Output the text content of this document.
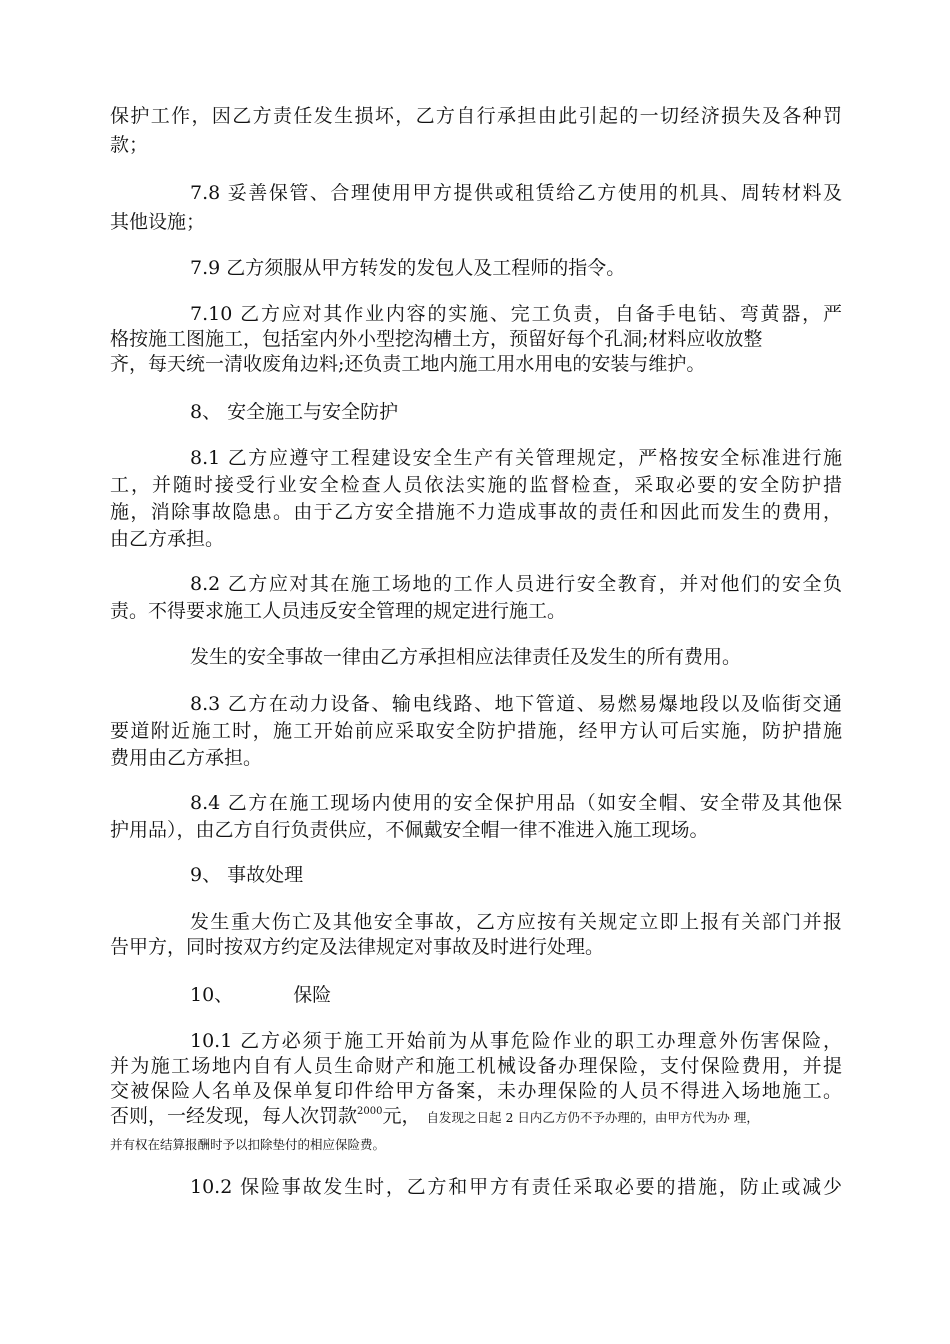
保护工作，因乙方责任发生损坏，乙方自行承担由此引起的一切经济损失及各种罚
款；
7.8 妥善保管、合理使用甲方提供或租赁给乙方使用的机具、周转材料及
其他设施；
7.9 乙方须服从甲方转发的发包人及工程师的指令。
7.10 乙方应对其作业内容的实施、完工负责，自备手电钻、弯黄器，严
格按施工图施工，包括室内外小型挖沟槽土方，预留好每个孔洞;材料应收放整
齐，每天统一清收废角边料;还负责工地内施工用水用电的安装与维护。
8、 安全施工与安全防护
8.1 乙方应遵守工程建设安全生产有关管理规定，严格按安全标准进行施
工，并随时接受行业安全检查人员依法实施的监督检查，采取必要的安全防护措
施，消除事故隐患。由于乙方安全措施不力造成事故的责任和因此而发生的费用，
由乙方承担。
8.2 乙方应对其在施工场地的工作人员进行安全教育，并对他们的安全负
责。不得要求施工人员违反安全管理的规定进行施工。
发生的安全事故一律由乙方承担相应法律责任及发生的所有费用。
8.3 乙方在动力设备、输电线路、地下管道、易燃易爆地段以及临街交通
要道附近施工时，施工开始前应采取安全防护措施，经甲方认可后实施，防护措施
费用由乙方承担。
8.4 乙方在施工现场内使用的安全保护用品（如安全帽、安全带及其他保
护用品），由乙方自行负责供应，不佩戴安全帽一律不准进入施工现场。
9、 事故处理
发生重大伤亡及其他安全事故，乙方应按有关规定立即上报有关部门并报
告甲方，同时按双方约定及法律规定对事故及时进行处理。
10、	保险
10.1 乙方必须于施工开始前为从事危险作业的职工办理意外伤害保险，
并为施工场地内自有人员生命财产和施工机械设备办理保险，支付保险费用，并提
交被保险人名单及保单复印件给甲方备案，未办理保险的人员不得进入场地施工。
否则，一经发现，每人次罚款$^{2000}$元， 自发现之日起 2 日内乙方仍不予办理的，由甲方代为办 理，
并有权在结算报酬时予以扣除垫付的相应保险费。
10.2 保险事故发生时，乙方和甲方有责任采取必要的措施，防止或减少
